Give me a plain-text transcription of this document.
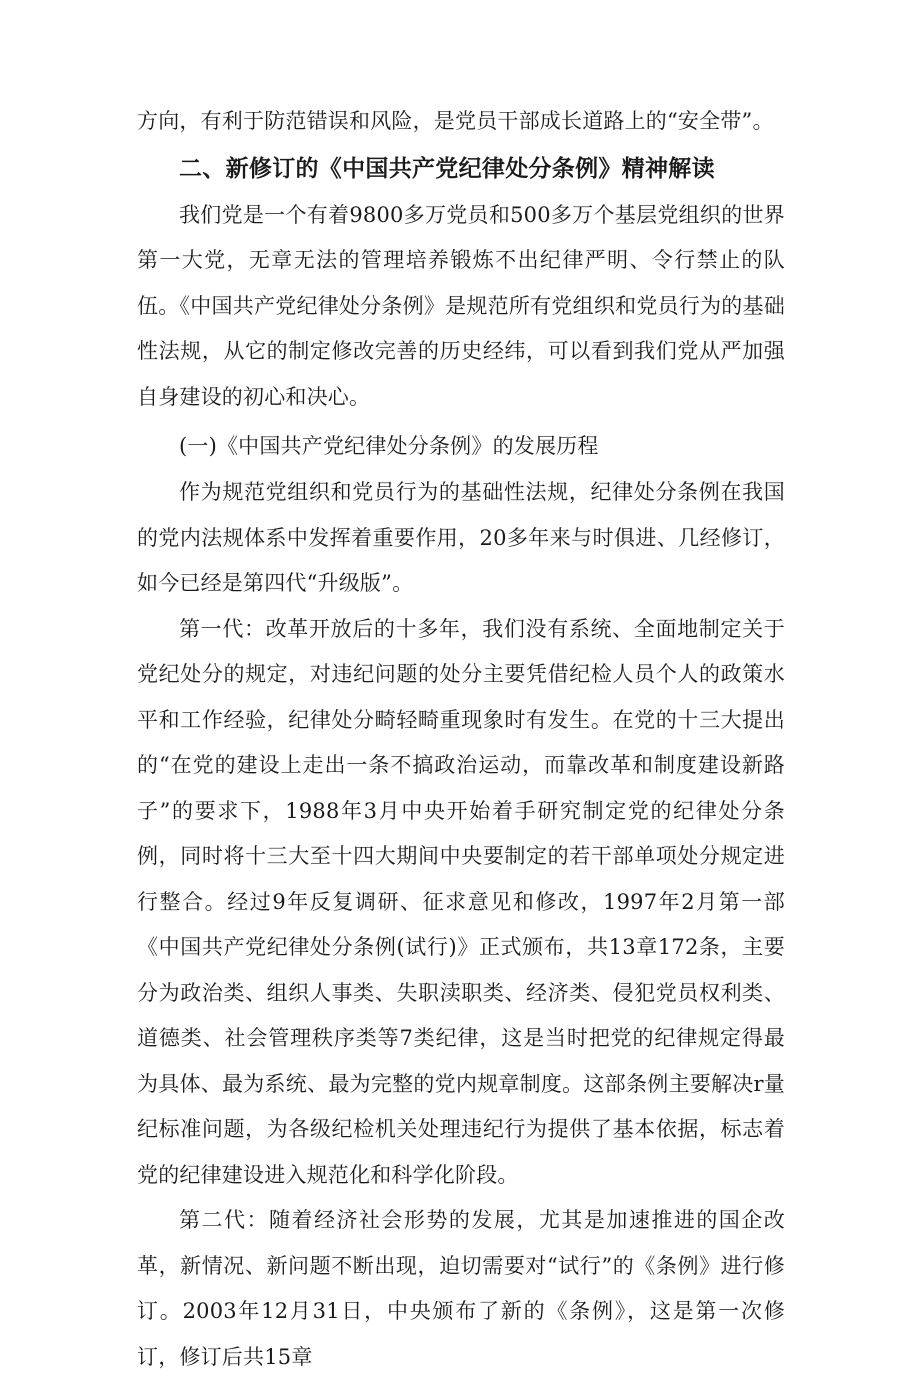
方向，有利于防范错误和风险，是党员干部成长道路上的“安全带”。

二、新修订的《中国共产党纪律处分条例》精神解读

我们党是一个有着9800多万党员和500多万个基层党组织的世界第一大党，无章无法的管理培养锻炼不出纪律严明、令行禁止的队伍。《中国共产党纪律处分条例》是规范所有党组织和党员行为的基础性法规，从它的制定修改完善的历史经纬，可以看到我们党从严加强自身建设的初心和决心。

(一)《中国共产党纪律处分条例》的发展历程

作为规范党组织和党员行为的基础性法规，纪律处分条例在我国的党内法规体系中发挥着重要作用，20多年来与时俱进、几经修订，如今已经是第四代“升级版”。

第一代：改革开放后的十多年，我们没有系统、全面地制定关于党纪处分的规定，对违纪问题的处分主要凭借纪检人员个人的政策水平和工作经验，纪律处分畸轻畸重现象时有发生。在党的十三大提出的“在党的建设上走出一条不搞政治运动，而靠改革和制度建设新路子”的要求下，1988年3月中央开始着手研究制定党的纪律处分条例，同时将十三大至十四大期间中央要制定的若干部单项处分规定进行整合。经过9年反复调研、征求意见和修改，1997年2月第一部《中国共产党纪律处分条例(试行)》正式颁布，共13章172条，主要分为政治类、组织人事类、失职渎职类、经济类、侵犯党员权利类、道德类、社会管理秩序类等7类纪律，这是当时把党的纪律规定得最为具体、最为系统、最为完整的党内规章制度。这部条例主要解决r量纪标准问题，为各级纪检机关处理违纪行为提供了基本依据，标志着党的纪律建设进入规范化和科学化阶段。

第二代：随着经济社会形势的发展，尤其是加速推进的国企改革，新情况、新问题不断出现，迫切需要对“试行”的《条例》进行修订。2003年12月31日，中央颁布了新的《条例》，这是第一次修订，修订后共15章
